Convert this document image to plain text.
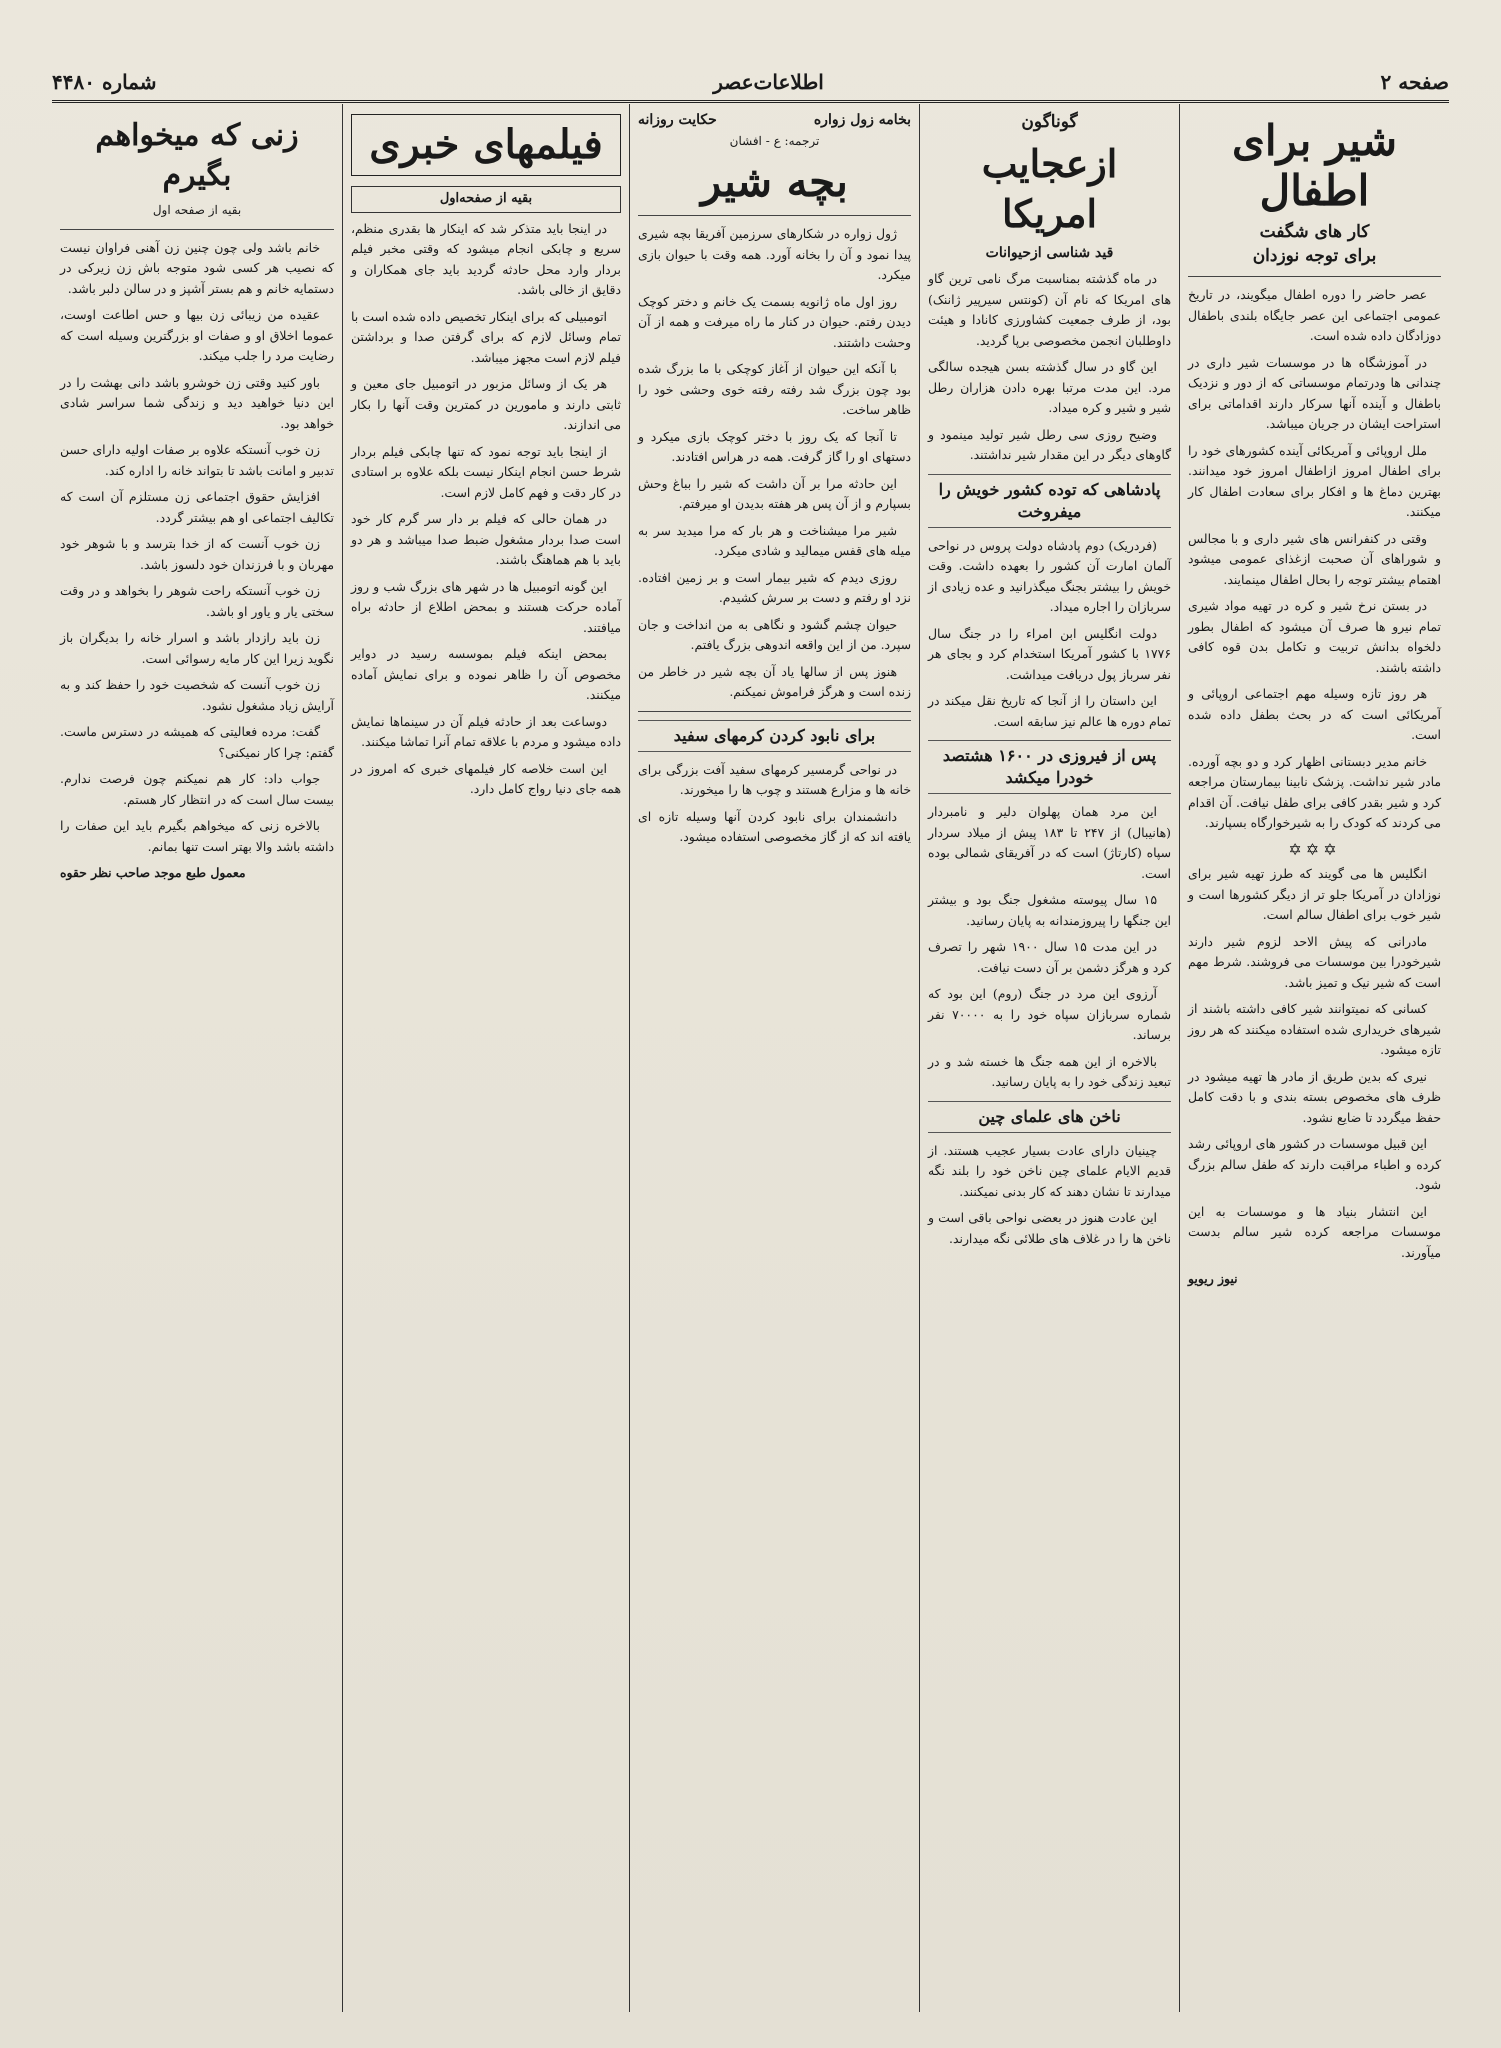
صفحه ۲
اطلاعات‌عصر
شماره ۴۴۸۰
شیر برای اطفال
کار های شگفت
برای توجه نوزدان

عصر حاضر را دوره اطفال میگویند، در تاریخ عمومی اجتماعی این عصر جایگاه بلندی باطفال دوزادگان داده شده است.

در آموزشگاه ها در موسسات شیر داری در چندانی ها ودرتمام موسساتی که از دور و نزدیک باطفال و آینده آنها سرکار دارند اقداماتی برای استراحت ایشان در جریان میباشد.

ملل اروپائی و آمریکائی آینده کشورهای خود را برای اطفال امروز ازاطفال امروز خود میدانند. بهترین دماغ ها و افکار برای سعادت اطفال کار میکنند.

وقتی در کنفرانس های شیر داری و با مجالس و شوراهای آن صحبت ازغذای عمومی میشود اهتمام بیشتر توجه را بحال اطفال مینمایند.

در بستن نرخ شیر و کره در تهیه مواد شیری تمام نیرو ها صرف آن میشود که اطفال بطور دلخواه بدانش تربیت و تکامل بدن قوه کافی داشته باشند.

هر روز تازه وسیله مهم اجتماعی اروپائی و آمریکائی است که در بحث بطفل داده شده است.

خانم مدیر دبستانی اظهار کرد و دو بچه آورده. مادر شیر نداشت. پزشک نابینا بیمارستان مراجعه کرد و شیر بقدر کافی برای طفل نیافت. آن اقدام می کردند که کودک را به شیرخوارگاه بسپارند.

✡✡✡

انگلیس ها می گویند که طرز تهیه شیر برای نوزادان در آمریکا جلو تر از دیگر کشورها است و شیر خوب برای اطفال سالم است.

مادرانی که پیش الاحد لزوم شیر دارند شیرخودرا بین موسسات می فروشند. شرط مهم است که شیر نیک و تمیز باشد.

کسانی که نمیتوانند شیر کافی داشته باشند از شیرهای خریداری شده استفاده میکنند که هر روز تازه میشود.

نیری که بدین طریق از مادر ها تهیه میشود در ظرف های مخصوص بسته بندی و با دقت کامل حفظ میگردد تا ضایع نشود.

این قبیل موسسات در کشور های اروپائی رشد کرده و اطباء مراقبت دارند که طفل سالم بزرگ شود.

این انتشار بنیاد ها و موسسات به این موسسات مراجعه کرده شیر سالم بدست میآورند.

نیوز ریویو
گوناگون
ازعجایب امریکا
قید شناسی ازحیوانات

در ماه گذشته بمناسبت مرگ نامی ترین گاو های امریکا که نام آن (کونتس سیرپیر ژاننک) بود، از طرف جمعیت کشاورزی کانادا و هیئت داوطلبان انجمن مخصوصی برپا گردید.

این گاو در سال گذشته بسن هیجده سالگی مرد. این مدت مرتبا بهره دادن هزاران رطل شیر و شیر و کره میداد.

وضیح روزی سی رطل شیر تولید مینمود و گاوهای دیگر در این مقدار شیر نداشتند.

پادشاهی که توده کشور خویش را میفروخت

(فردریک) دوم پادشاه دولت پروس در نواحی آلمان امارت آن کشور را بعهده داشت. وقت خویش را بیشتر بجنگ میگذرانید و عده زیادی از سربازان را اجاره میداد.

دولت انگلیس ابن امراء را در جنگ سال ۱۷۷۶ با کشور آمریکا استخدام کرد و بجای هر نفر سرباز پول دریافت میداشت.

این داستان را از آنجا که تاریخ نقل میکند در تمام دوره ها عالم نیز سابقه است.

پس از فیروزی در ۱۶۰۰ هشتصد خودرا میکشد

این مرد همان پهلوان دلیر و نامبردار (هانیبال) از ۲۴۷ تا ۱۸۳ پیش از میلاد سردار سپاه (کارتاژ) است که در آفریقای شمالی بوده است.

۱۵ سال پیوسته مشغول جنگ بود و بیشتر این جنگها را پیروزمندانه به پایان رسانید.

در این مدت ۱۵ سال ۱۹۰۰ شهر را تصرف کرد و هرگز دشمن بر آن دست نیافت.

آرزوی این مرد در جنگ (روم) این بود که شماره سربازان سپاه خود را به ۷۰۰۰۰ نفر برساند.

بالاخره از این همه جنگ ها خسته شد و در تبعید زندگی خود را به پایان رسانید.

ناخن های علمای چین

چینیان دارای عادت بسیار عجیب هستند. از قدیم الایام علمای چین ناخن خود را بلند نگه میدارند تا نشان دهند که کار بدنی نمیکنند.

این عادت هنوز در بعضی نواحی باقی است و ناخن ها را در غلاف های طلائی نگه میدارند.

بخامه زول زواره
حکایت روزانه
ترجمه: ع - افشان
بچه شیر

ژول زواره در شکارهای سرزمین آفریقا بچه شیری پیدا نمود و آن را بخانه آورد. همه وقت با حیوان بازی میکرد.

روز اول ماه ژانویه بسمت یک خانم و دختر کوچک دیدن رفتم. حیوان در کنار ما راه میرفت و همه از آن وحشت داشتند.

با آنکه این حیوان از آغاز کوچکی با ما بزرگ شده بود چون بزرگ شد رفته رفته خوی وحشی خود را ظاهر ساخت.

تا آنجا که یک روز با دختر کوچک بازی میکرد و دستهای او را گاز گرفت. همه در هراس افتادند.

این حادثه مرا بر آن داشت که شیر را بباغ وحش بسپارم و از آن پس هر هفته بدیدن او میرفتم.

شیر مرا میشناخت و هر بار که مرا میدید سر به میله های قفس میمالید و شادی میکرد.

روزی دیدم که شیر بیمار است و بر زمین افتاده. نزد او رفتم و دست بر سرش کشیدم.

حیوان چشم گشود و نگاهی به من انداخت و جان سپرد. من از این واقعه اندوهی بزرگ یافتم.

هنوز پس از سالها یاد آن بچه شیر در خاطر من زنده است و هرگز فراموش نمیکنم.

برای نابود کردن کرمهای سفید

در نواحی گرمسیر کرمهای سفید آفت بزرگی برای خانه ها و مزارع هستند و چوب ها را میخورند.

دانشمندان برای نابود کردن آنها وسیله تازه ای یافته اند که از گاز مخصوصی استفاده میشود.

فیلمهای خبری
بقیه از صفحه‌اول

در اینجا باید متذکر شد که اینکار ها بقدری منظم، سریع و چابکی انجام میشود که وقتی مخبر فیلم بردار وارد محل حادثه گردید باید جای همکاران و دقایق از خالی باشد.

اتومبیلی که برای اینکار تخصیص داده شده است با تمام وسائل لازم که برای گرفتن صدا و برداشتن فیلم لازم است مجهز میباشد.

هر یک از وسائل مزبور در اتومبیل جای معین و ثابتی دارند و مامورین در کمترین وقت آنها را بکار می اندازند.

از اینجا باید توجه نمود که تنها چابکی فیلم بردار شرط حسن انجام اینکار نیست بلکه علاوه بر استادی در کار دقت و فهم کامل لازم است.

در همان حالی که فیلم بر دار سر گرم کار خود است صدا بردار مشغول ضبط صدا میباشد و هر دو باید با هم هماهنگ باشند.

این گونه اتومبیل ها در شهر های بزرگ شب و روز آماده حرکت هستند و بمحض اطلاع از حادثه براه میافتند.

بمحض اینکه فیلم بموسسه رسید در دوایر مخصوص آن را ظاهر نموده و برای نمایش آماده میکنند.

دوساعت بعد از حادثه فیلم آن در سینماها نمایش داده میشود و مردم با علاقه تمام آنرا تماشا میکنند.

این است خلاصه کار فیلمهای خبری که امروز در همه جای دنیا رواج کامل دارد.

زنی که میخواهم بگیرم
بقیه از صفحه اول

خانم باشد ولی چون چنین زن آهنی فراوان نیست که نصیب هر کسی شود متوجه باش زن زیرکی در دستمایه خانم و هم بستر آشپز و در سالن دلبر باشد.

عقیده من زیبائی زن بیها و حس اطاعت اوست، عموما اخلاق او و صفات او بزرگترین وسیله است که رضایت مرد را جلب میکند.

باور کنید وقتی زن خوشرو باشد دانی بهشت را در این دنیا خواهید دید و زندگی شما سراسر شادی خواهد بود.

زن خوب آنستکه علاوه بر صفات اولیه دارای حسن تدبیر و امانت باشد تا بتواند خانه را اداره کند.

افزایش حقوق اجتماعی زن مستلزم آن است که تکالیف اجتماعی او هم بیشتر گردد.

زن خوب آنست که از خدا بترسد و با شوهر خود مهربان و با فرزندان خود دلسوز باشد.

زن خوب آنستکه راحت شوهر را بخواهد و در وقت سختی یار و یاور او باشد.

زن باید رازدار باشد و اسرار خانه را بدیگران باز نگوید زیرا این کار مایه رسوائی است.

زن خوب آنست که شخصیت خود را حفظ کند و به آرایش زیاد مشغول نشود.

گفت: مرده فعالیتی که همیشه در دسترس ماست. گفتم: چرا کار نمیکنی؟

جواب داد: کار هم نمیکنم چون فرصت ندارم. بیست سال است که در انتظار کار هستم.

بالاخره زنی که میخواهم بگیرم باید این صفات را داشته باشد والا بهتر است تنها بمانم.

معمول طبع موجد صاحب نظر حقوه
